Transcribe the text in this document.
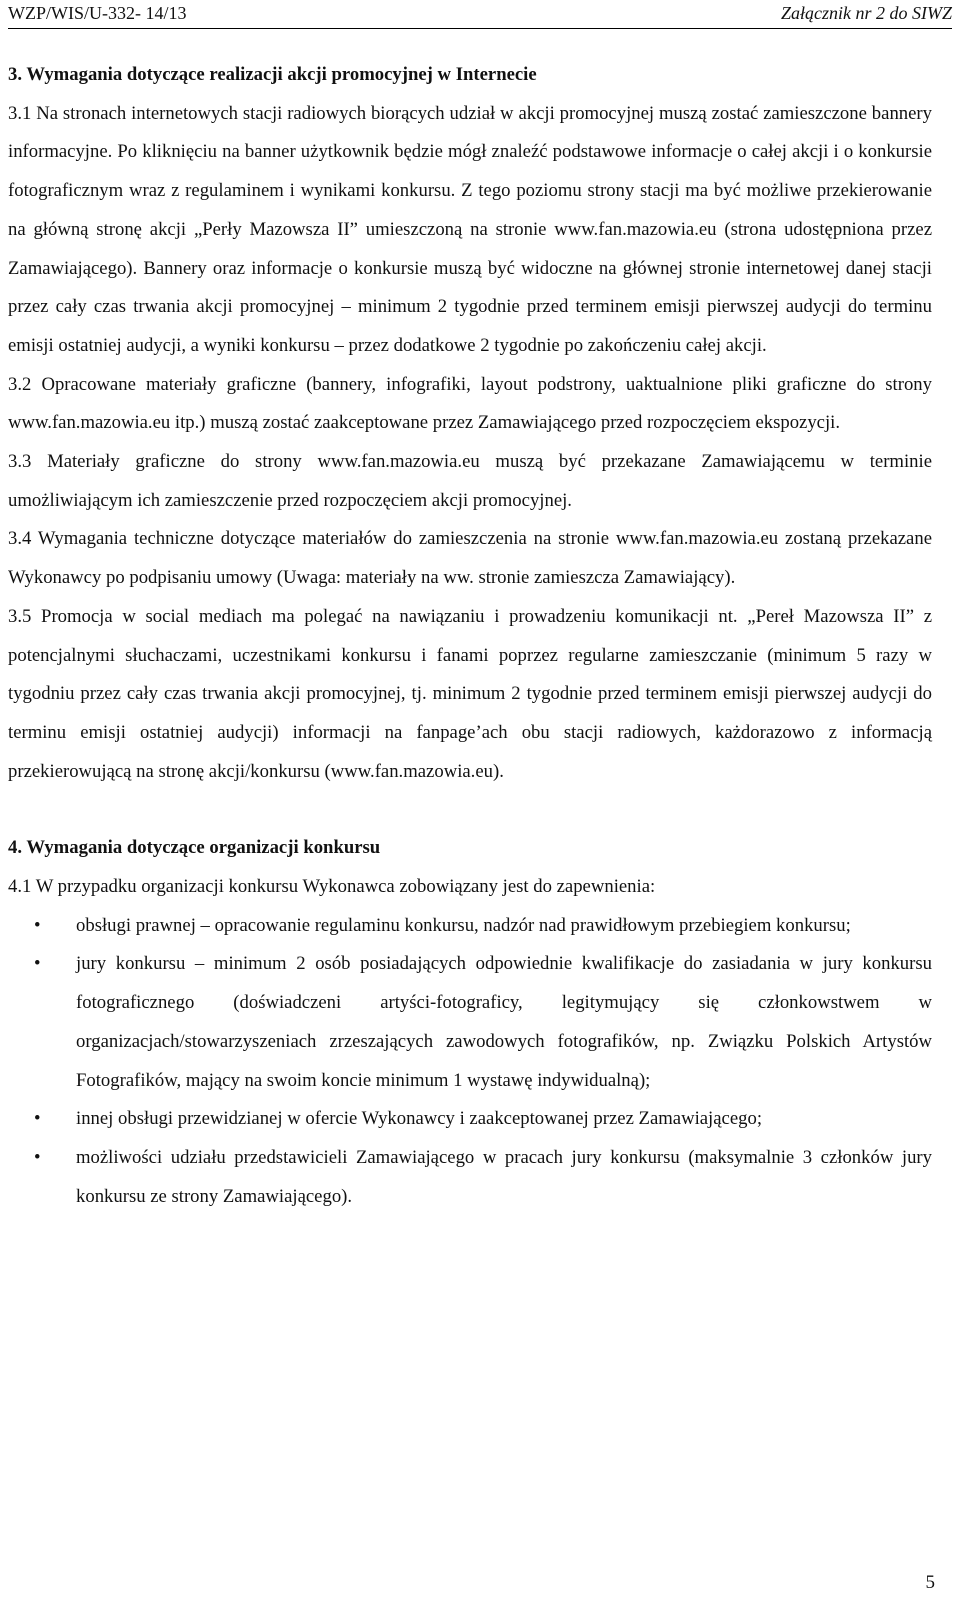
WZP/WIS/U-332- 14/13	Załącznik nr 2 do SIWZ
3. Wymagania dotyczące realizacji akcji promocyjnej w Internecie

3.1 Na stronach internetowych stacji radiowych biorących udział w akcji promocyjnej muszą zostać zamieszczone bannery informacyjne. Po kliknięciu na banner użytkownik będzie mógł znaleźć podstawowe informacje o całej akcji i o konkursie fotograficznym wraz z regulaminem i wynikami konkursu. Z tego poziomu strony stacji ma być możliwe przekierowanie na główną stronę akcji „Perły Mazowsza II” umieszczoną na stronie www.fan.mazowia.eu (strona udostępniona przez Zamawiającego). Bannery oraz informacje o konkursie muszą być widoczne na głównej stronie internetowej danej stacji przez cały czas trwania akcji promocyjnej – minimum 2 tygodnie przed terminem emisji pierwszej audycji do terminu emisji ostatniej audycji, a wyniki konkursu – przez dodatkowe 2 tygodnie po zakończeniu całej akcji.

3.2 Opracowane materiały graficzne (bannery, infografiki, layout podstrony, uaktualnione pliki graficzne do strony www.fan.mazowia.eu itp.) muszą zostać zaakceptowane przez Zamawiającego przed rozpoczęciem ekspozycji.

3.3 Materiały graficzne do strony www.fan.mazowia.eu muszą być przekazane Zamawiającemu w terminie umożliwiającym ich zamieszczenie przed rozpoczęciem akcji promocyjnej.

3.4 Wymagania techniczne dotyczące materiałów do zamieszczenia na stronie www.fan.mazowia.eu zostaną przekazane Wykonawcy po podpisaniu umowy (Uwaga: materiały na ww. stronie zamieszcza Zamawiający).

3.5 Promocja w social mediach ma polegać na nawiązaniu i prowadzeniu komunikacji nt. „Pereł Mazowsza II” z potencjalnymi słuchaczami, uczestnikami konkursu i fanami poprzez regularne zamieszczanie (minimum 5 razy w tygodniu przez cały czas trwania akcji promocyjnej, tj. minimum 2 tygodnie przed terminem emisji pierwszej audycji do terminu emisji ostatniej audycji) informacji na fanpage’ach obu stacji radiowych, każdorazowo z informacją przekierowującą na stronę akcji/konkursu (www.fan.mazowia.eu).

4. Wymagania dotyczące organizacji konkursu

4.1 W przypadku organizacji konkursu Wykonawca zobowiązany jest do zapewnienia:

• obsługi prawnej – opracowanie regulaminu konkursu, nadzór nad prawidłowym przebiegiem konkursu;
• jury konkursu – minimum 2 osób posiadających odpowiednie kwalifikacje do zasiadania w jury konkursu fotograficznego (doświadczeni artyści-fotograficy, legitymujący się członkowstwem w organizacjach/stowarzyszeniach zrzeszających zawodowych fotografików, np. Związku Polskich Artystów Fotografików, mający na swoim koncie minimum 1 wystawę indywidualną);
• innej obsługi przewidzianej w ofercie Wykonawcy i zaakceptowanej przez Zamawiającego;
• możliwości udziału przedstawicieli Zamawiającego w pracach jury konkursu (maksymalnie 3 członków jury konkursu ze strony Zamawiającego).
5
